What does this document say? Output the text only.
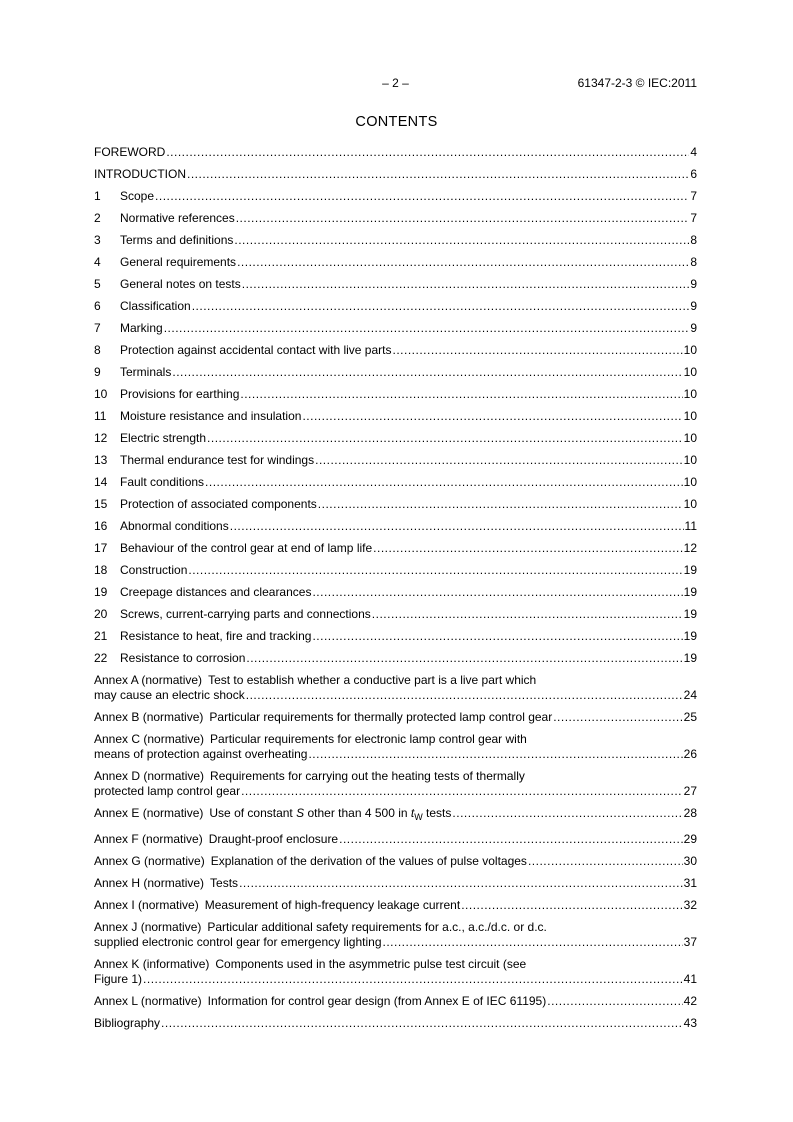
– 2 –	61347-2-3 © IEC:2011
CONTENTS
FOREWORD .....	4
INTRODUCTION .....	6
1	Scope .....	7
2	Normative references .....	7
3	Terms and definitions .....	8
4	General requirements .....	8
5	General notes on tests .....	9
6	Classification .....	9
7	Marking .....	9
8	Protection against accidental contact with live parts .....	10
9	Terminals .....	10
10	Provisions for earthing .....	10
11	Moisture resistance and insulation .....	10
12	Electric strength .....	10
13	Thermal endurance test for windings .....	10
14	Fault conditions .....	10
15	Protection of associated components .....	10
16	Abnormal conditions .....	11
17	Behaviour of the control gear at end of lamp life .....	12
18	Construction .....	19
19	Creepage distances and clearances .....	19
20	Screws, current-carrying parts and connections .....	19
21	Resistance to heat, fire and tracking .....	19
22	Resistance to corrosion .....	19
Annex A (normative) Test to establish whether a conductive part is a live part which
may cause an electric shock .....	24
Annex B (normative) Particular requirements for thermally protected lamp control gear .....	25
Annex C (normative) Particular requirements for electronic lamp control gear with
means of protection against overheating .....	26
Annex D (normative) Requirements for carrying out the heating tests of thermally
protected lamp control gear .....	27
Annex E (normative) Use of constant S other than 4 500 in $t_W$ tests .....	28
Annex F (normative) Draught-proof enclosure .....	29
Annex G (normative) Explanation of the derivation of the values of pulse voltages .....	30
Annex H (normative) Tests .....	31
Annex I (normative) Measurement of high-frequency leakage current .....	32
Annex J (normative) Particular additional safety requirements for a.c., a.c./d.c. or d.c.
supplied electronic control gear for emergency lighting .....	37
Annex K (informative) Components used in the asymmetric pulse test circuit (see
Figure 1) .....	41
Annex L (normative) Information for control gear design (from Annex E of IEC 61195) .....	42
Bibliography .....	43
